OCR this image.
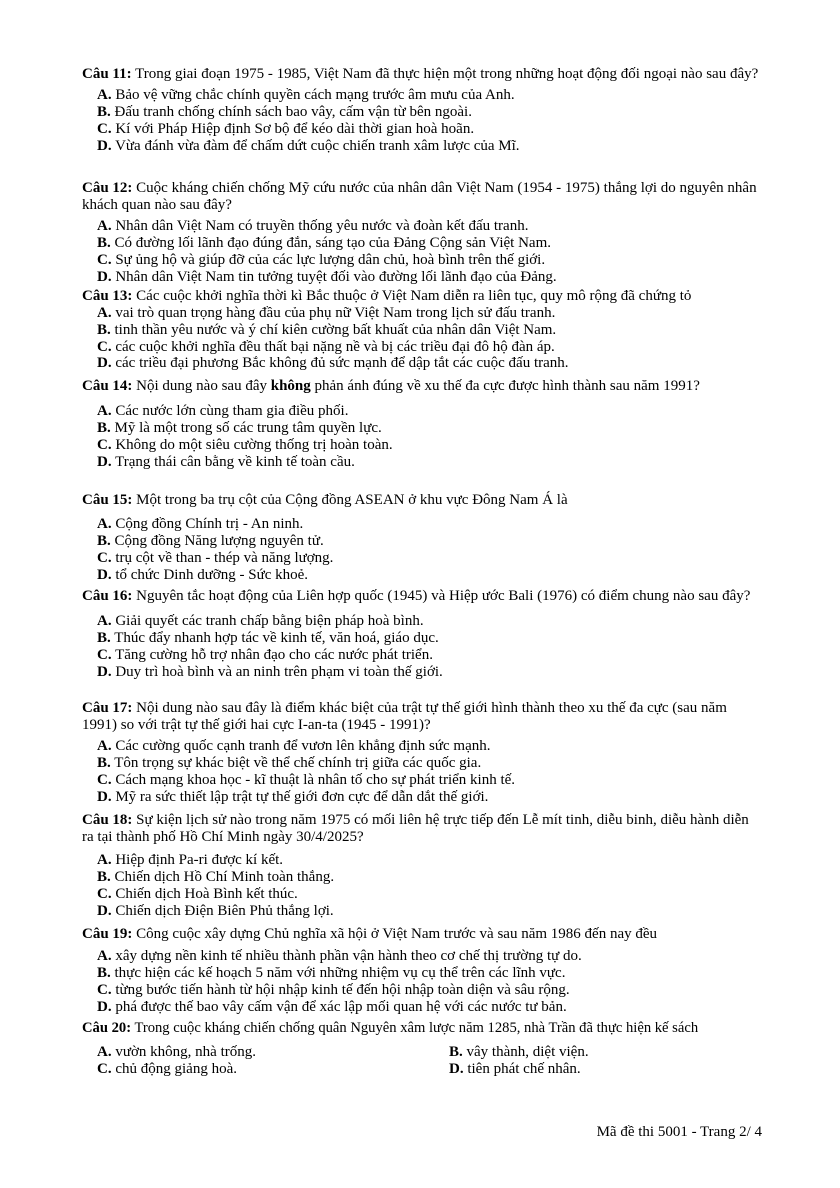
Câu 11: Trong giai đoạn 1975 - 1985, Việt Nam đã thực hiện một trong những hoạt động đối ngoại nào sau đây?
A. Bảo vệ vững chắc chính quyền cách mạng trước âm mưu của Anh.
B. Đấu tranh chống chính sách bao vây, cấm vận từ bên ngoài.
C. Kí với Pháp Hiệp định Sơ bộ để kéo dài thời gian hoà hoãn.
D. Vừa đánh vừa đàm để chấm dứt cuộc chiến tranh xâm lược của Mĩ.
Câu 12: Cuộc kháng chiến chống Mỹ cứu nước của nhân dân Việt Nam (1954 - 1975) thắng lợi do nguyên nhân khách quan nào sau đây?
A. Nhân dân Việt Nam có truyền thống yêu nước và đoàn kết đấu tranh.
B. Có đường lối lãnh đạo đúng đắn, sáng tạo của Đảng Cộng sản Việt Nam.
C. Sự ủng hộ và giúp đỡ của các lực lượng dân chủ, hoà bình trên thế giới.
D. Nhân dân Việt Nam tin tưởng tuyệt đối vào đường lối lãnh đạo của Đảng.
Câu 13: Các cuộc khởi nghĩa thời kì Bắc thuộc ở Việt Nam diễn ra liên tục, quy mô rộng đã chứng tỏ
A. vai trò quan trọng hàng đầu của phụ nữ Việt Nam trong lịch sử đấu tranh.
B. tinh thần yêu nước và ý chí kiên cường bất khuất của nhân dân Việt Nam.
C. các cuộc khởi nghĩa đều thất bại nặng nề và bị các triều đại đô hộ đàn áp.
D. các triều đại phương Bắc không đủ sức mạnh để dập tắt các cuộc đấu tranh.
Câu 14: Nội dung nào sau đây không phản ánh đúng về xu thế đa cực được hình thành sau năm 1991?
A. Các nước lớn cùng tham gia điều phối.
B. Mỹ là một trong số các trung tâm quyền lực.
C. Không do một siêu cường thống trị hoàn toàn.
D. Trạng thái cân bằng về kinh tế toàn cầu.
Câu 15: Một trong ba trụ cột của Cộng đồng ASEAN ở khu vực Đông Nam Á là
A. Cộng đồng Chính trị - An ninh.
B. Cộng đồng Năng lượng nguyên tử.
C. trụ cột về than - thép và năng lượng.
D. tổ chức Dinh dưỡng - Sức khoẻ.
Câu 16: Nguyên tắc hoạt động của Liên hợp quốc (1945) và Hiệp ước Bali (1976) có điểm chung nào sau đây?
A. Giải quyết các tranh chấp bằng biện pháp hoà bình.
B. Thúc đẩy nhanh hợp tác về kinh tế, văn hoá, giáo dục.
C. Tăng cường hỗ trợ nhân đạo cho các nước phát triển.
D. Duy trì hoà bình và an ninh trên phạm vi toàn thế giới.
Câu 17: Nội dung nào sau đây là điểm khác biệt của trật tự thế giới hình thành theo xu thế đa cực (sau năm 1991) so với trật tự thế giới hai cực I-an-ta (1945 - 1991)?
A. Các cường quốc cạnh tranh để vươn lên khẳng định sức mạnh.
B. Tôn trọng sự khác biệt về thể chế chính trị giữa các quốc gia.
C. Cách mạng khoa học - kĩ thuật là nhân tố cho sự phát triển kinh tế.
D. Mỹ ra sức thiết lập trật tự thế giới đơn cực để dẫn dắt thế giới.
Câu 18: Sự kiện lịch sử nào trong năm 1975 có mối liên hệ trực tiếp đến Lễ mít tinh, diễu binh, diễu hành diễn ra tại thành phố Hồ Chí Minh ngày 30/4/2025?
A. Hiệp định Pa-ri được kí kết.
B. Chiến dịch Hồ Chí Minh toàn thắng.
C. Chiến dịch Hoà Bình kết thúc.
D. Chiến dịch Điện Biên Phủ thắng lợi.
Câu 19: Công cuộc xây dựng Chủ nghĩa xã hội ở Việt Nam trước và sau năm 1986 đến nay đều
A. xây dựng nền kinh tế nhiều thành phần vận hành theo cơ chế thị trường tự do.
B. thực hiện các kế hoạch 5 năm với những nhiệm vụ cụ thể trên các lĩnh vực.
C. từng bước tiến hành từ hội nhập kinh tế đến hội nhập toàn diện và sâu rộng.
D. phá được thế bao vây cấm vận để xác lập mối quan hệ với các nước tư bản.
Câu 20: Trong cuộc kháng chiến chống quân Nguyên xâm lược năm 1285, nhà Trần đã thực hiện kế sách
A. vườn không, nhà trống.	B. vây thành, diệt viện.
C. chủ động giảng hoà.	D. tiên phát chế nhân.
Mã đề thi 5001 - Trang 2/ 4
